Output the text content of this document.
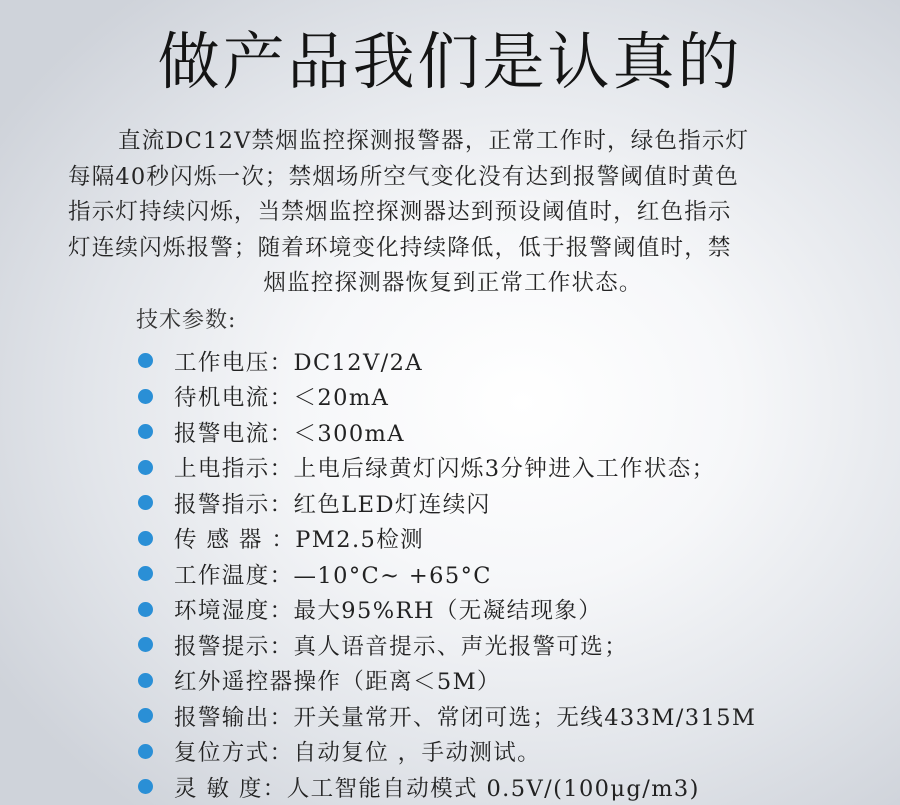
做产品我们是认真的
直流DC12V禁烟监控探测报警器，正常工作时，绿色指示灯
每隔40秒闪烁一次；禁烟场所空气变化没有达到报警阈值时黄色
指示灯持续闪烁，当禁烟监控探测器达到预设阈值时，红色指示
灯连续闪烁报警；随着环境变化持续降低，低于报警阈值时，禁
烟监控探测器恢复到正常工作状态。
技术参数:
工作电压：DC12V/2A
待机电流：＜20mA
报警电流：＜300mA
上电指示：上电后绿黄灯闪烁3分钟进入工作状态；
报警指示：红色LED灯连续闪
传 感 器 ：PM2.5检测
工作温度：—10°C~ +65°C
环境湿度：最大95%RH（无凝结现象）
报警提示：真人语音提示、声光报警可选；
红外遥控器操作（距离＜5M）
报警输出：开关量常开、常闭可选；无线433M/315M
复位方式：自动复位 ，手动测试。
灵 敏 度：人工智能自动模式 0.5V/(100μg/m3)
